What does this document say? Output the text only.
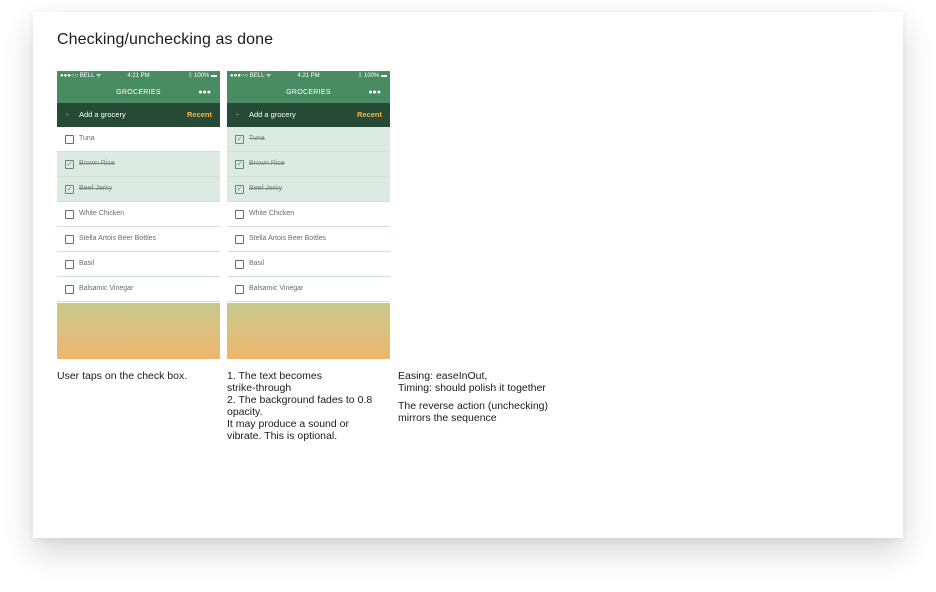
Checking/unchecking as done
●●●○○ BELL ᯤ	4:21 PM	ᛒ 100% ▬
GROCERIES	●●●
+ Add a grocery	Recent
Tuna
✓ Brown Rice
✓ Beef Jerky
White Chicken
Stella Artois Beer Bottles
Basil
Balsamic Vinegar
●●●○○ BELL ᯤ	4:21 PM	ᛒ 100% ▬
GROCERIES	●●●
+ Add a grocery	Recent
✓ Tuna
✓ Brown Rice
✓ Beef Jerky
White Chicken
Stella Artois Beer Bottles
Basil
Balsamic Vinegar
User taps on the check box.	1. The text becomes
strike-through
2. The background fades to 0.8
opacity.
It may produce a sound or
vibrate. This is optional.
Easing: easeInOut,
Timing: should polish it together
The reverse action (unchecking)
mirrors the sequence
